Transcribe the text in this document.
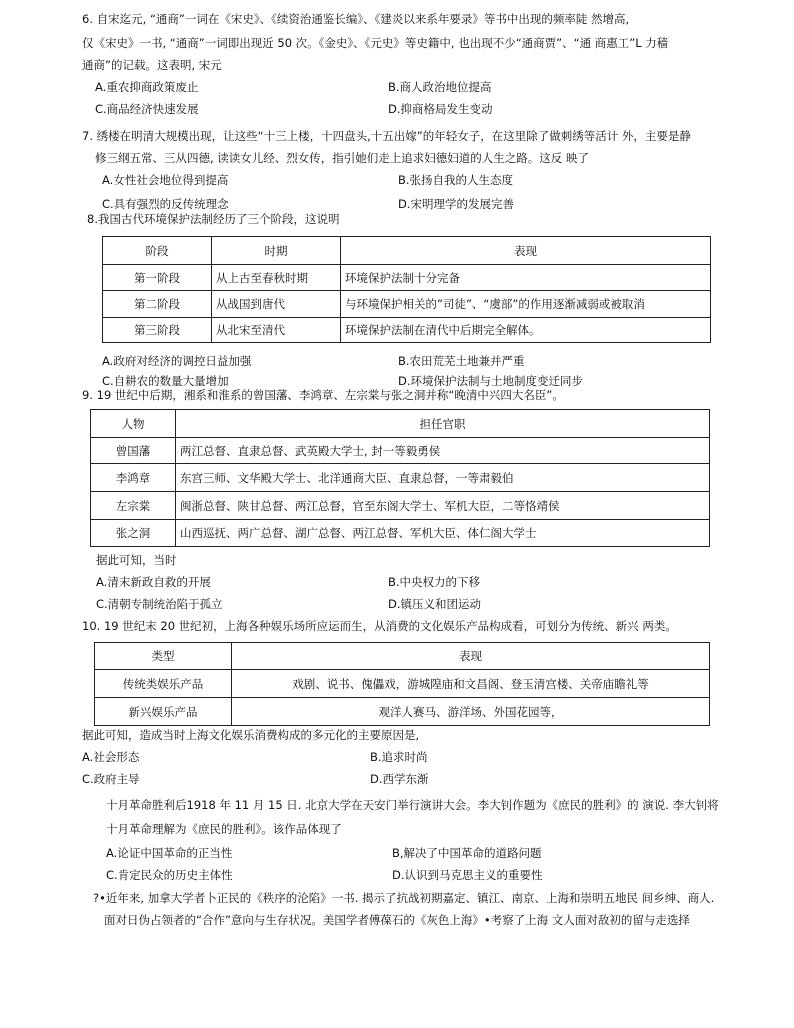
6. 自宋迄元, “通商”一词在《宋史》、《续资治通鉴长编》、《建炎以来系年要录》等书中出现的频率陡 然增高,
仅《宋史》一书, “通商”一词即出现近 50 次。《金史》、《元史》等史籍中, 也出现不少“通商贾”、“通 商惠工”L 力穑
通商”的记载。这表明, 宋元
A.重农抑商政策废止	B.商人政治地位提高
C.商品经济快速发展	D.抑商格局发生变动
7. 绣楼在明清大规模出现，让这些“十三上楼，十四盘头,十五出嫁”的年轻女子，在这里除了做刺绣等活计 外，主要是静
修三纲五常、三从四德, 读读女儿经、烈女传，指引她们走上追求妇德妇道的人生之路。这反 映了
A.女性社会地位得到提高	B.张扬自我的人生态度
C.具有强烈的反传统理念	D.宋明理学的发展完善
8.我国古代环境保护法制经历了三个阶段，这说明
阶段	时期	表现
第一阶段	从上古至春秋时期	环境保护法制十分完备
第二阶段	从战国到唐代	与环境保护相关的”司徒”、“虞部”的作用逐渐减弱或被取消
第三阶段	从北宋至清代	环境保护法制在清代中后期完全解体。
A.政府对经济的调控日益加强	B.农田荒芜土地兼并严重
C.自耕农的数量大量增加	D.环境保护法制与土地制度变迁同步
9. 19 世纪中后期，湘系和淮系的曾国藩、李鸿章、左宗棠与张之洞并称“晚清中兴四大名臣”。
人物	担任官职
曾国藩	两江总督、直隶总督、武英殿大学士, 封一等毅勇侯
李鸿章	东宫三师、文华殿大学士、北洋通商大臣、直隶总督，一等肃毅伯
左宗棠	闽浙总督、陕甘总督、两江总督，官至东阁大学士、军机大臣，二等恪靖侯
张之洞	山西巡抚、两广总督、湖广总督、两江总督、军机大臣、体仁阁大学士
据此可知，当时
A.清末新政自救的开展	B.中央权力的下移
C.清朝专制统治陷于孤立	D.镇压义和团运动
10. 19 世纪末 20 世纪初，上海各种娱乐场所应运而生，从消费的文化娱乐产品构成看，可划分为传统、新兴 两类。
类型	表现
传统类娱乐产品	戏剧、说书、傀儡戏，游城隍庙和文昌阁、登玉清宫楼、关帝庙瞻礼等
新兴娱乐产品	观洋人赛马、游洋场、外国花园等，
据此可知，造成当时上海文化娱乐消费构成的多元化的主要原因是,
A.社会形态	B.追求时尚
C.政府主导	D.西学东渐
十月革命胜利后1918 年 11 月 15 日. 北京大学在天安门举行演讲大会。李大钊作题为《庶民的胜利》的 演说. 李大钊将
十月革命理解为《庶民的胜利》。该作品体现了
A.论证中国革命的正当性	B,解决了中国革命的道路问题
C.肯定民众的历史主体性	D.认识到马克思主义的重要性
?•近年来, 加拿大学者卜正民的《秩序的沦陷》一书. 揭示了抗战初期嘉定、镇江、南京、上海和崇明五地民 间乡绅、商人.
面对日伪占领者的“合作”意向与生存状况。美国学者傅葆石的《灰色上海》•考察了上海 文人面对敌初的留与走选择
